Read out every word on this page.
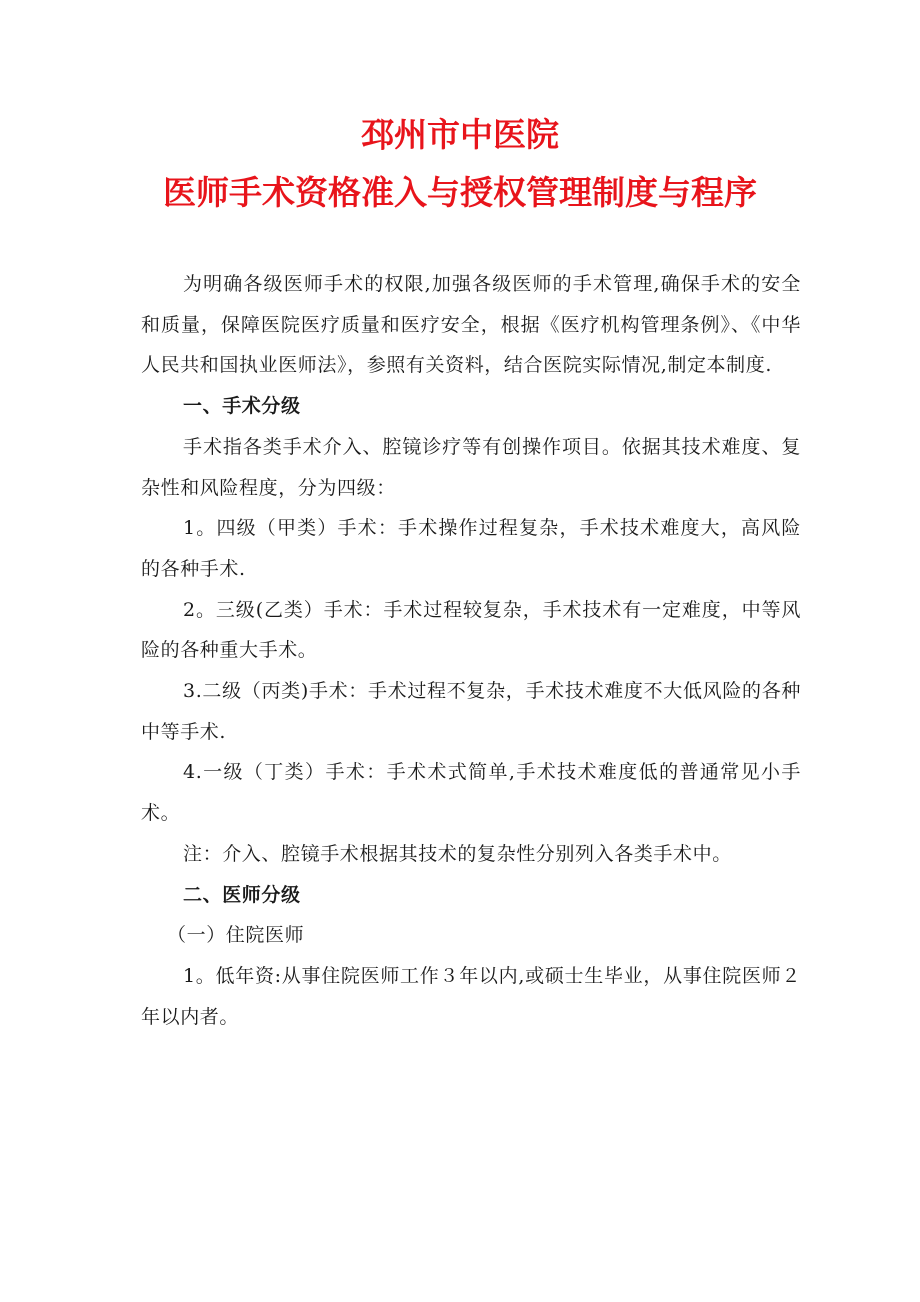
邳州市中医院
医师手术资格准入与授权管理制度与程序

为明确各级医师手术的权限,加强各级医师的手术管理,确保手术的安全和质量，保障医院医疗质量和医疗安全，根据《医疗机构管理条例》、《中华人民共和国执业医师法》，参照有关资料，结合医院实际情况,制定本制度.

一、手术分级

手术指各类手术介入、腔镜诊疗等有创操作项目。依据其技术难度、复杂性和风险程度，分为四级：

1。四级（甲类）手术：手术操作过程复杂，手术技术难度大，高风险的各种手术.

2。三级(乙类）手术：手术过程较复杂，手术技术有一定难度，中等风险的各种重大手术。

3.二级（丙类)手术：手术过程不复杂，手术技术难度不大低风险的各种中等手术.

4.一级（丁类）手术：手术术式简单,手术技术难度低的普通常见小手术。

注：介入、腔镜手术根据其技术的复杂性分别列入各类手术中。

二、医师分级

（一）住院医师

1。低年资:从事住院医师工作３年以内,或硕士生毕业，从事住院医师２年以内者。
